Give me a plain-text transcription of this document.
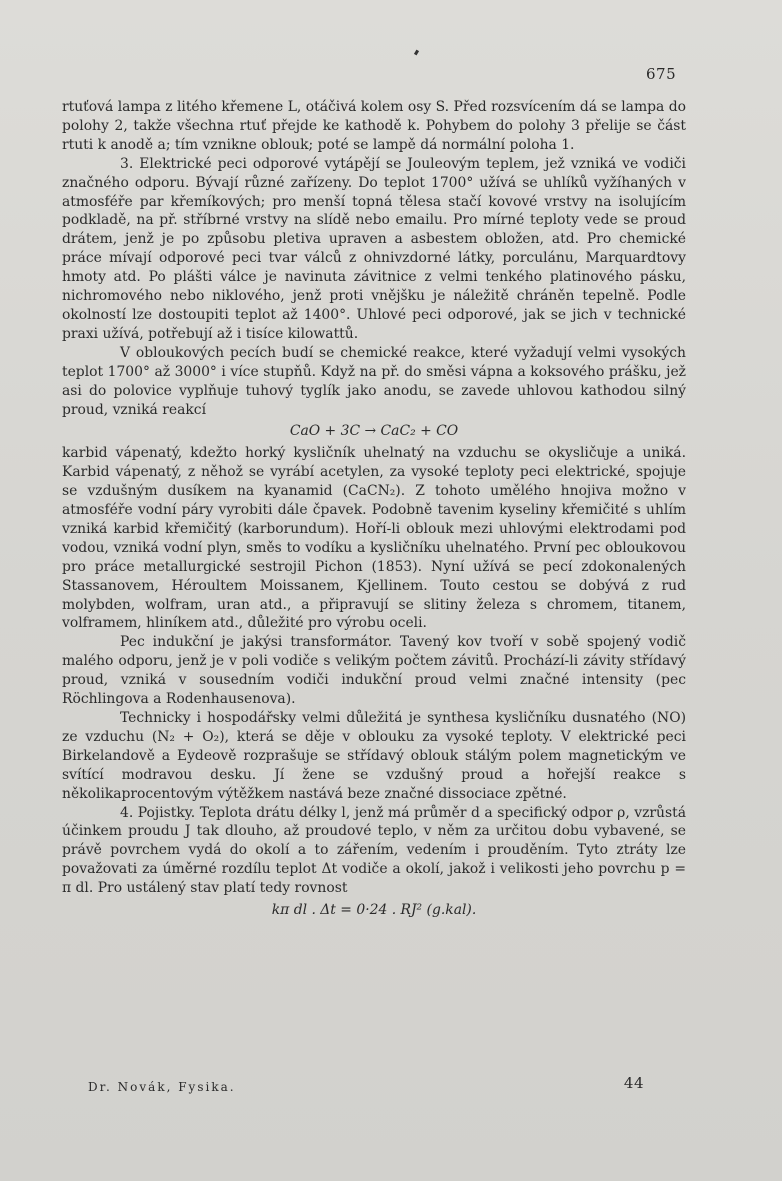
675

rtuťová lampa z litého křemene L, otáčivá kolem osy S. Před rozsvícením dá se lampa do polohy 2, takže všechna rtuť přejde ke kathodě k. Pohybem do polohy 3 přelije se část rtuti k anodě a; tím vznikne oblouk; poté se lampě dá normální poloha 1.

3. Elektrické peci odporové vytápějí se Jouleovým teplem, jež vzniká ve vodiči značného odporu. Bývají různé zařízeny. Do teplot 1700° užívá se uhlíků vyžíhaných v atmosféře par křemíkových; pro menší topná tělesa stačí kovové vrstvy na isolujícím podkladě, na př. stříbrné vrstvy na slídě nebo emailu. Pro mírné teploty vede se proud drátem, jenž je po způsobu pletiva upraven a asbestem obložen, atd. Pro chemické práce mívají odporové peci tvar válců z ohnivzdorné látky, porculánu, Marquardtovy hmoty atd. Po plášti válce je navinuta závitnice z velmi tenkého platinového pásku, nichromového nebo niklového, jenž proti vnějšku je náležitě chráněn tepelně. Podle okolností lze dostoupiti teplot až 1400°. Uhlové peci odporové, jak se jich v technické praxi užívá, potřebují až i tisíce kilowattů.

V obloukových pecích budí se chemické reakce, které vyžadují velmi vysokých teplot 1700° až 3000° i více stupňů. Když na př. do směsi vápna a koksového prášku, jež asi do polovice vyplňuje tuhový tyglík jako anodu, se zavede uhlovou kathodou silný proud, vzniká reakcí

CaO + 3C → CaC₂ + CO

karbid vápenatý, kdežto horký kysličník uhelnatý na vzduchu se okysličuje a uniká. Karbid vápenatý, z něhož se vyrábí acetylen, za vysoké teploty peci elektrické, spojuje se vzdušným dusíkem na kyanamid (CaCN₂). Z tohoto umělého hnojiva možno v atmosféře vodní páry vyrobiti dále čpavek. Podobně tavenim kyseliny křemičité s uhlím vzniká karbid křemičitý (karborundum). Hoří-li oblouk mezi uhlovými elektrodami pod vodou, vzniká vodní plyn, směs to vodíku a kysličníku uhelnatého. První pec obloukovou pro práce metallurgické sestrojil Pichon (1853). Nyní užívá se pecí zdokonalených Stassanovem, Héroultem Moissanem, Kjellinem. Touto cestou se dobývá z rud molybden, wolfram, uran atd., a připravují se slitiny železa s chromem, titanem, volframem, hliníkem atd., důležité pro výrobu oceli.

Pec indukční je jakýsi transformátor. Tavený kov tvoří v sobě spojený vodič malého odporu, jenž je v poli vodiče s velikým počtem závitů. Prochází-li závity střídavý proud, vzniká v sousedním vodiči indukční proud velmi značné intensity (pec Röchlingova a Rodenhausenova).

Technicky i hospodářsky velmi důležitá je synthesa kysličníku dusnatého (NO) ze vzduchu (N₂ + O₂), která se děje v oblouku za vysoké teploty. V elektrické peci Birkelandově a Eydeově rozprašuje se střídavý oblouk stálým polem magnetickým ve svítící modravou desku. Jí žene se vzdušný proud a hořejší reakce s několikaprocentovým výtěžkem nastává beze značné dissociace zpětné.

4. Pojistky. Teplota drátu délky l, jenž má průměr d a specifický odpor ρ, vzrůstá účinkem proudu J tak dlouho, až proudové teplo, v něm za určitou dobu vybavené, se právě povrchem vydá do okolí a to zářením, vedením i prouděním. Tyto ztráty lze považovati za úměrné rozdílu teplot Δt vodiče a okolí, jakož i velikosti jeho povrchu p = π dl. Pro ustálený stav platí tedy rovnost

kπ dl . Δt = 0·24 . RJ² (g.kal).
Dr. Novák, Fysika.	44
